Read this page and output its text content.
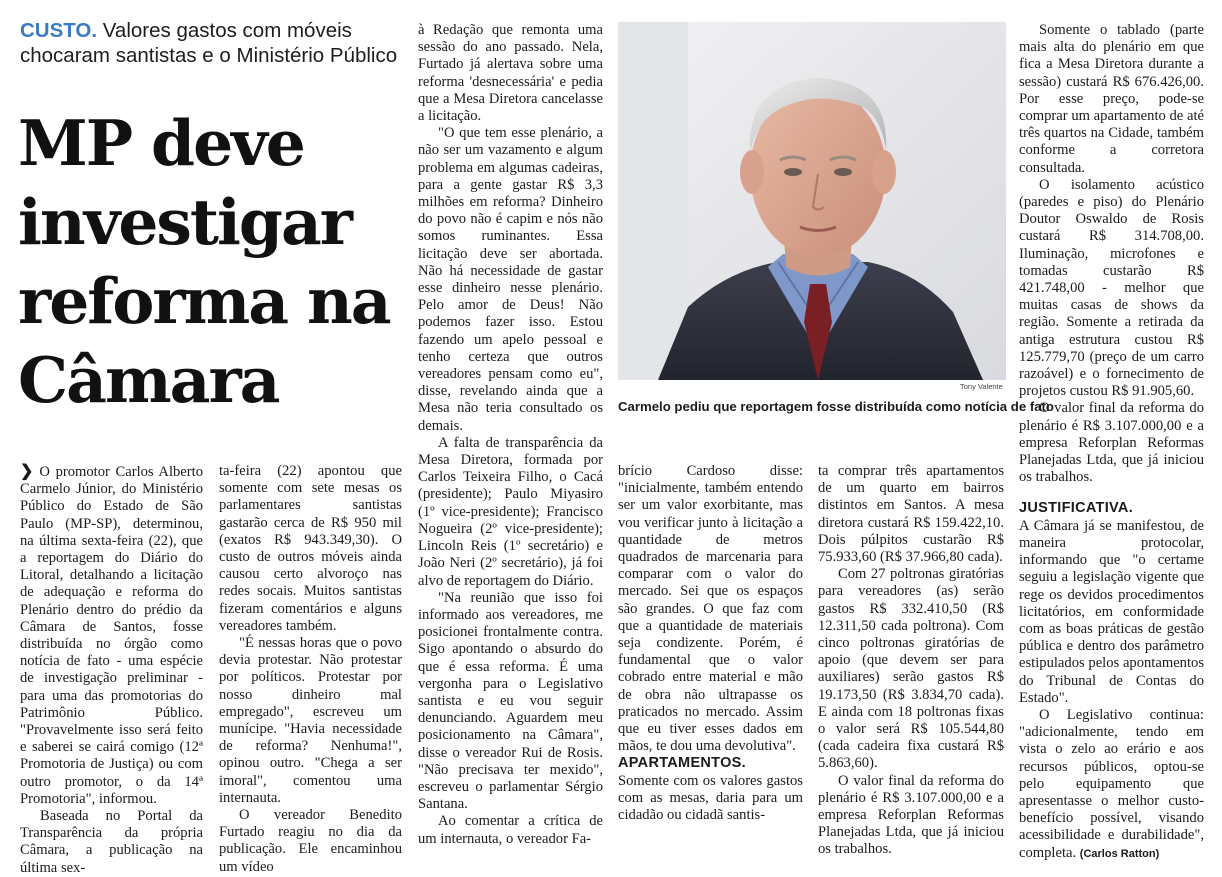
CUSTO. Valores gastos com móveis chocaram santistas e o Ministério Público
MP deve
investigar
reforma na
Câmara	Tony Valente
Carmelo pediu que reportagem fosse distribuída como notícia de fato

❯ O promotor Carlos Alberto Carmelo Júnior, do Ministério Público do Estado de São Paulo (MP-SP), determinou, na última sexta-feira (22), que a reportagem do Diário do Litoral, detalhando a licitação de adequação e reforma do Plenário dentro do prédio da Câmara de Santos, fosse distribuída no órgão como notícia de fato - uma espécie de investigação preliminar - para uma das promotorias do Patrimônio Público. "Provavelmente isso será feito e saberei se cairá comigo (12ª Promotoria de Justiça) ou com outro promotor, o da 14ª Promotoria", informou.

Baseada no Portal da Transparência da própria Câmara, a publicação na última sex-

ta-feira (22) apontou que somente com sete mesas os parlamentares santistas gastarão cerca de R$ 950 mil (exatos R$ 943.349,30). O custo de outros móveis ainda causou certo alvoroço nas redes socais. Muitos santistas fizeram comentários e alguns vereadores também.

"É nessas horas que o povo devia protestar. Não protestar por políticos. Protestar por nosso dinheiro mal empregado", escreveu um munícipe. "Havia necessidade de reforma? Nenhuma!", opinou outro. "Chega a ser imoral", comentou uma internauta.

O vereador Benedito Furtado reagiu no dia da publicação. Ele encaminhou um vídeo

à Redação que remonta uma sessão do ano passado. Nela, Furtado já alertava sobre uma reforma 'desnecessária' e pedia que a Mesa Diretora cancelasse a licitação.

"O que tem esse plenário, a não ser um vazamento e algum problema em algumas cadeiras, para a gente gastar R$ 3,3 milhões em reforma? Dinheiro do povo não é capim e nós não somos ruminantes. Essa licitação deve ser abortada. Não há necessidade de gastar esse dinheiro nesse plenário. Pelo amor de Deus! Não podemos fazer isso. Estou fazendo um apelo pessoal e tenho certeza que outros vereadores pensam como eu", disse, revelando ainda que a Mesa não teria consultado os demais.

A falta de transparência da Mesa Diretora, formada por Carlos Teixeira Filho, o Cacá (presidente); Paulo Miyasiro (1º vice-presidente); Francisco Nogueira (2º vice-presidente); Lincoln Reis (1º secretário) e João Neri (2º secretário), já foi alvo de reportagem do Diário.

"Na reunião que isso foi informado aos vereadores, me posicionei frontalmente contra. Sigo apontando o absurdo do que é essa reforma. É uma vergonha para o Legislativo santista e eu vou seguir denunciando. Aguardem meu posicionamento na Câmara", disse o vereador Rui de Rosis. "Não precisava ter mexido", escreveu o parlamentar Sérgio Santana.

Ao comentar a crítica de um internauta, o vereador Fa-

brício Cardoso disse: "inicialmente, também entendo ser um valor exorbitante, mas vou verificar junto à licitação a quantidade de metros quadrados de marcenaria para comparar com o valor do mercado. Sei que os espaços são grandes. O que faz com que a quantidade de materiais seja condizente. Porém, é fundamental que o valor cobrado entre material e mão de obra não ultrapasse os praticados no mercado. Assim que eu tiver esses dados em mãos, te dou uma devolutiva".

APARTAMENTOS.

Somente com os valores gastos com as mesas, daria para um cidadão ou cidadã santis-

ta comprar três apartamentos de um quarto em bairros distintos em Santos. A mesa diretora custará R$ 159.422,10. Dois púlpitos custarão R$ 75.933,60 (R$ 37.966,80 cada).

Com 27 poltronas giratórias para vereadores (as) serão gastos R$ 332.410,50 (R$ 12.311,50 cada poltrona). Com cinco poltronas giratórias de apoio (que devem ser para auxiliares) serão gastos R$ 19.173,50 (R$ 3.834,70 cada). E ainda com 18 poltronas fixas o valor será R$ 105.544,80 (cada cadeira fixa custará R$ 5.863,60).

O valor final da reforma do plenário é R$ 3.107.000,00 e a empresa Reforplan Reformas Planejadas Ltda, que já iniciou os trabalhos.

Somente o tablado (parte mais alta do plenário em que fica a Mesa Diretora durante a sessão) custará R$ 676.426,00. Por esse preço, pode-se comprar um apartamento de até três quartos na Cidade, também conforme a corretora consultada.

O isolamento acústico (paredes e piso) do Plenário Doutor Oswaldo de Rosis custará R$ 314.708,00. Iluminação, microfones e tomadas custarão R$ 421.748,00 - melhor que muitas casas de shows da região. Somente a retirada da antiga estrutura custou R$ 125.779,70 (preço de um carro razoável) e o fornecimento de projetos custou R$ 91.905,60.

O valor final da reforma do plenário é R$ 3.107.000,00 e a empresa Reforplan Reformas Planejadas Ltda, que já iniciou os trabalhos.

JUSTIFICATIVA.

A Câmara já se manifestou, de maneira protocolar, informando que "o certame seguiu a legislação vigente que rege os devidos procedimentos licitatórios, em conformidade com as boas práticas de gestão pública e dentro dos parâmetro estipulados pelos apontamentos do Tribunal de Contas do Estado".

O Legislativo continua: "adicionalmente, tendo em vista o zelo ao erário e aos recursos públicos, optou-se pelo equipamento que apresentasse o melhor custo-benefício possível, visando acessibilidade e durabilidade", completa. (Carlos Ratton)
